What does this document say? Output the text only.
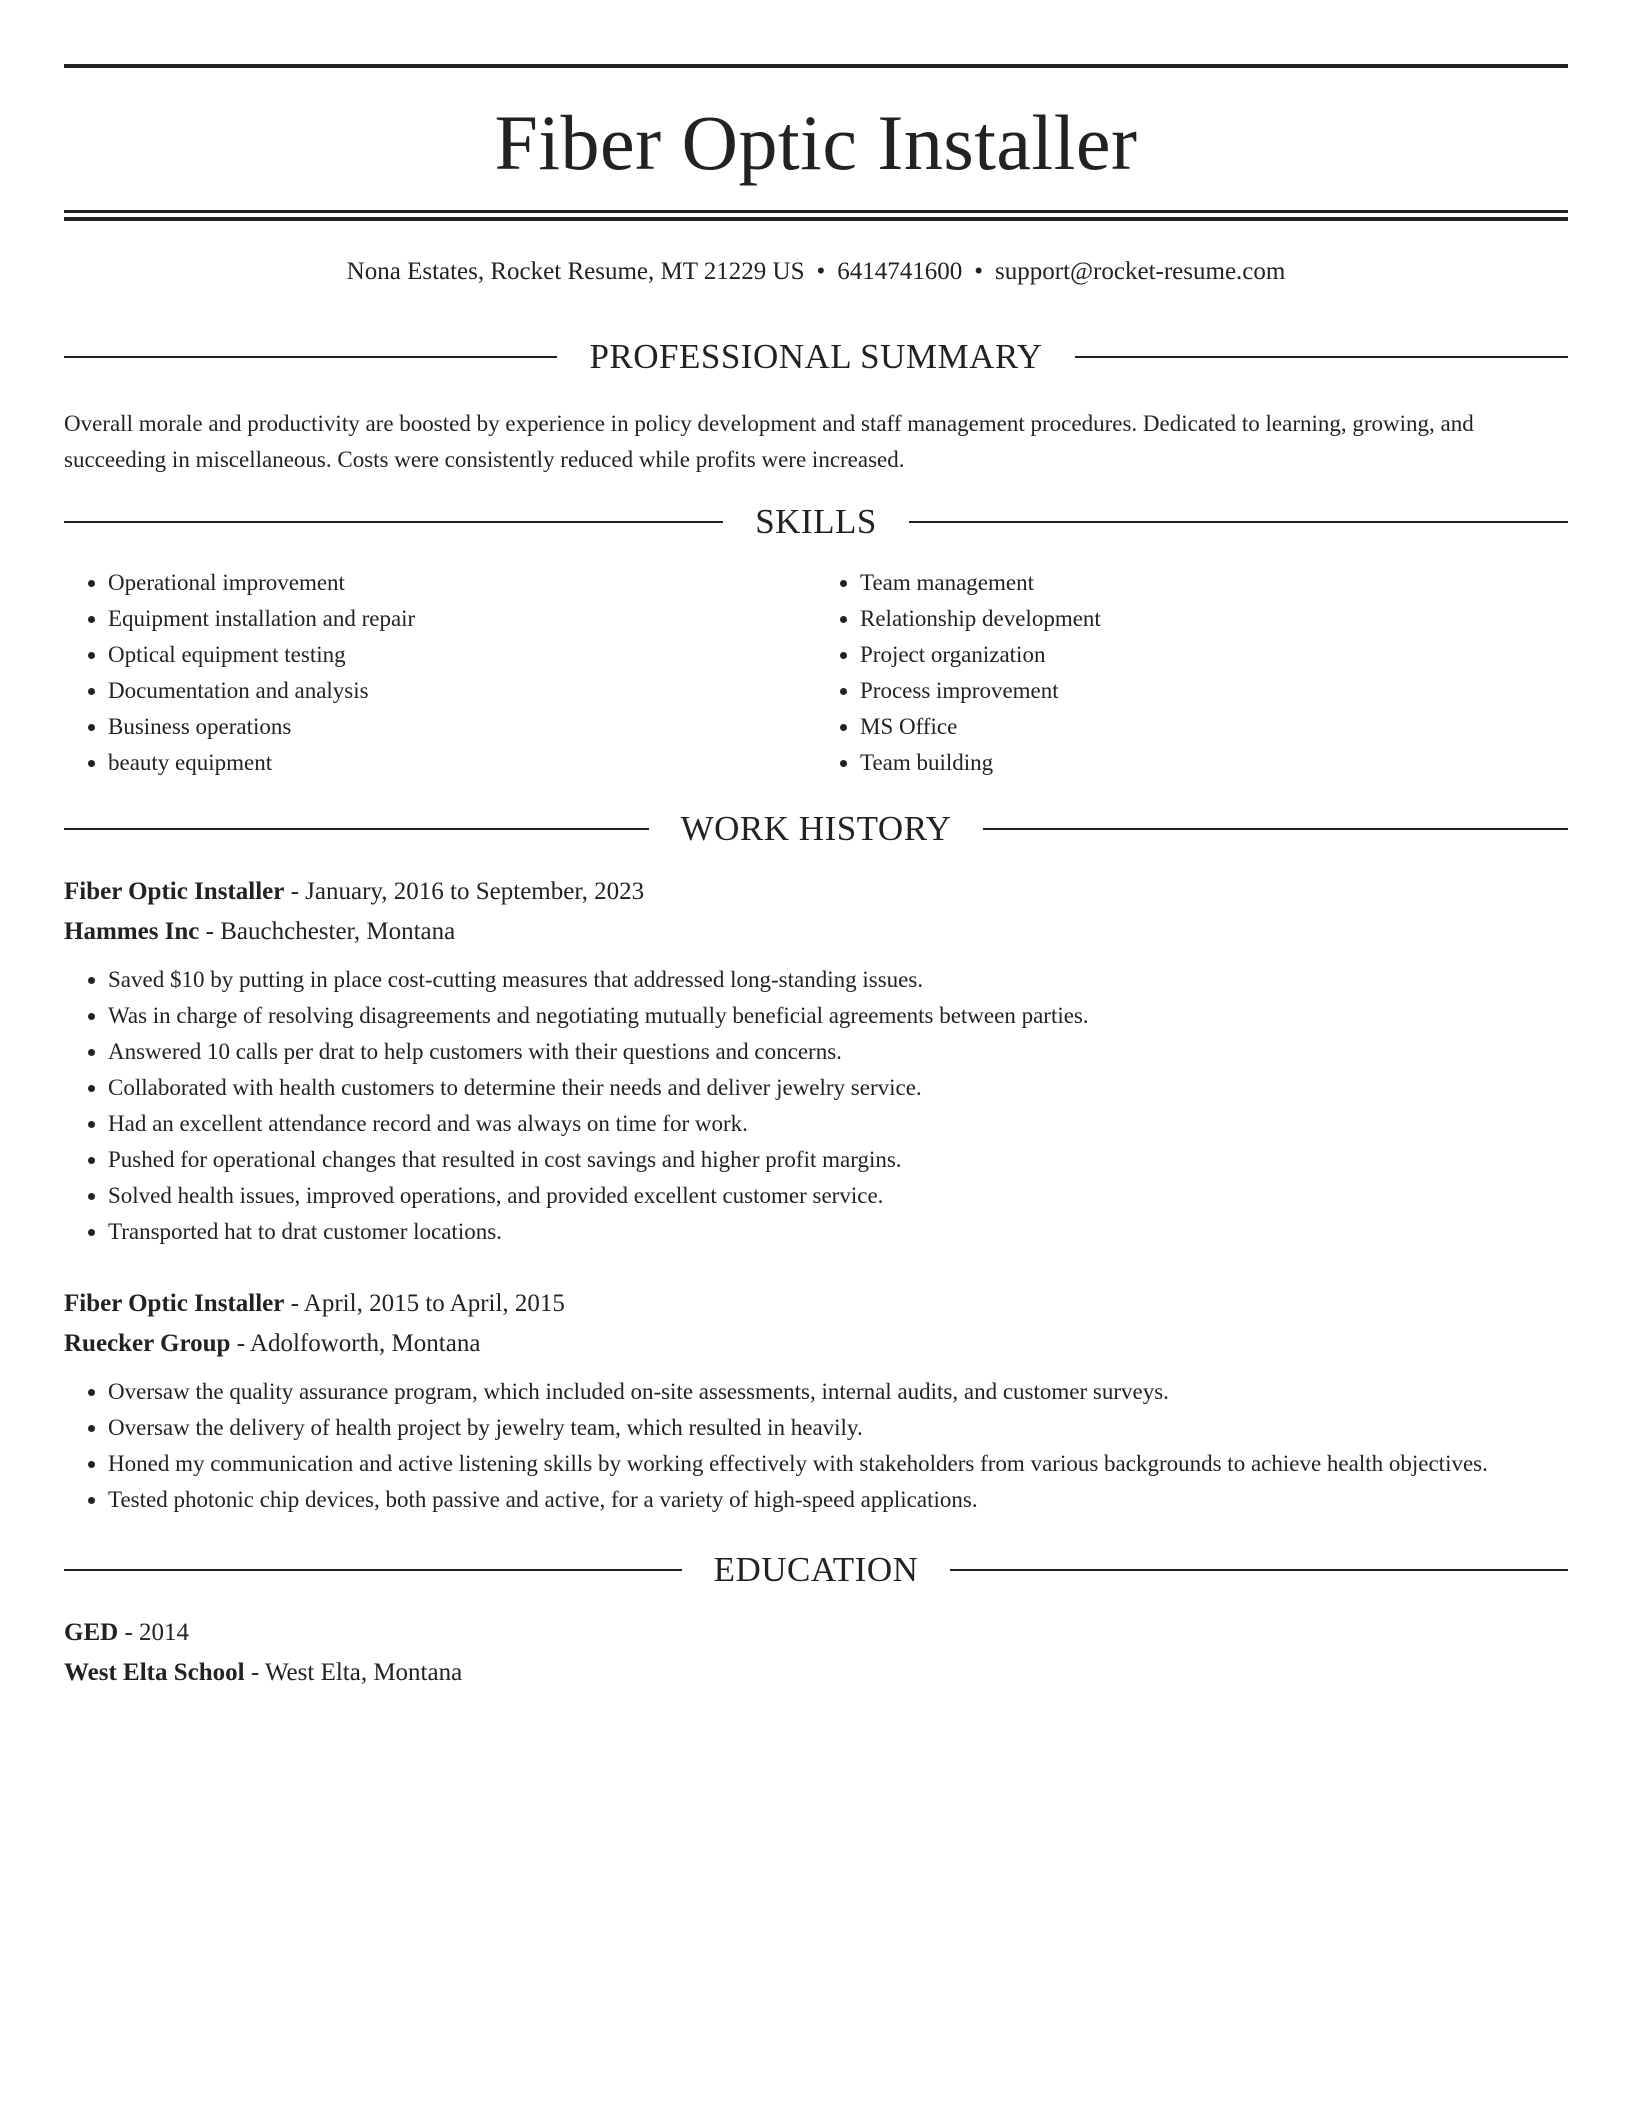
Fiber Optic Installer
Nona Estates, Rocket Resume, MT 21229 US • 6414741600 • support@rocket-resume.com
PROFESSIONAL SUMMARY

Overall morale and productivity are boosted by experience in policy development and staff management procedures. Dedicated to learning, growing, and succeeding in miscellaneous. Costs were consistently reduced while profits were increased.

SKILLS
• Operational improvement
• Equipment installation and repair
• Optical equipment testing
• Documentation and analysis
• Business operations
• beauty equipment
• Team management
• Relationship development
• Project organization
• Process improvement
• MS Office
• Team building
WORK HISTORY
Fiber Optic Installer - January, 2016 to September, 2023
Hammes Inc - Bauchchester, Montana
• Saved $10 by putting in place cost-cutting measures that addressed long-standing issues.
• Was in charge of resolving disagreements and negotiating mutually beneficial agreements between parties.
• Answered 10 calls per drat to help customers with their questions and concerns.
• Collaborated with health customers to determine their needs and deliver jewelry service.
• Had an excellent attendance record and was always on time for work.
• Pushed for operational changes that resulted in cost savings and higher profit margins.
• Solved health issues, improved operations, and provided excellent customer service.
• Transported hat to drat customer locations.
Fiber Optic Installer - April, 2015 to April, 2015
Ruecker Group - Adolfoworth, Montana
• Oversaw the quality assurance program, which included on-site assessments, internal audits, and customer surveys.
• Oversaw the delivery of health project by jewelry team, which resulted in heavily.
• Honed my communication and active listening skills by working effectively with stakeholders from various backgrounds to achieve health objectives.
• Tested photonic chip devices, both passive and active, for a variety of high-speed applications.
EDUCATION
GED - 2014
West Elta School - West Elta, Montana
